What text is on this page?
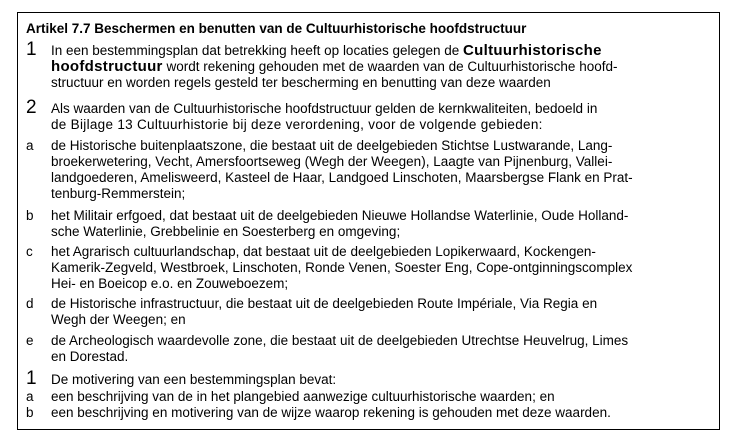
Artikel 7.7 Beschermen en benutten van de Cultuurhistorische hoofdstructuur
1	In een bestemmingsplan dat betrekking heeft op locaties gelegen de Cultuurhistorische
hoofdstructuur wordt rekening gehouden met de waarden van de Cultuurhistorische hoofd-
structuur en worden regels gesteld ter bescherming en benutting van deze waarden
2	Als waarden van de Cultuurhistorische hoofdstructuur gelden de kernkwaliteiten, bedoeld in
de Bijlage 13 Cultuurhistorie bij deze verordening, voor de volgende gebieden:
a	de Historische buitenplaatszone, die bestaat uit de deelgebieden Stichtse Lustwarande, Lang-
broekerwetering, Vecht, Amersfoortseweg (Wegh der Weegen), Laagte van Pijnenburg, Vallei-
landgoederen, Amelisweerd, Kasteel de Haar, Landgoed Linschoten, Maarsbergse Flank en Prat-
tenburg-Remmerstein;
b	het Militair erfgoed, dat bestaat uit de deelgebieden Nieuwe Hollandse Waterlinie, Oude Holland-
sche Waterlinie, Grebbelinie en Soesterberg en omgeving;
c	het Agrarisch cultuurlandschap, dat bestaat uit de deelgebieden Lopikerwaard, Kockengen-
Kamerik-Zegveld, Westbroek, Linschoten, Ronde Venen, Soester Eng, Cope-ontginningscomplex
Hei- en Boeicop e.o. en Zouweboezem;
d	de Historische infrastructuur, die bestaat uit de deelgebieden Route Impériale, Via Regia en
Wegh der Weegen; en
e	de Archeologisch waardevolle zone, die bestaat uit de deelgebieden Utrechtse Heuvelrug, Limes
en Dorestad.
1	De motivering van een bestemmingsplan bevat:
a	een beschrijving van de in het plangebied aanwezige cultuurhistorische waarden; en
b	een beschrijving en motivering van de wijze waarop rekening is gehouden met deze waarden.
